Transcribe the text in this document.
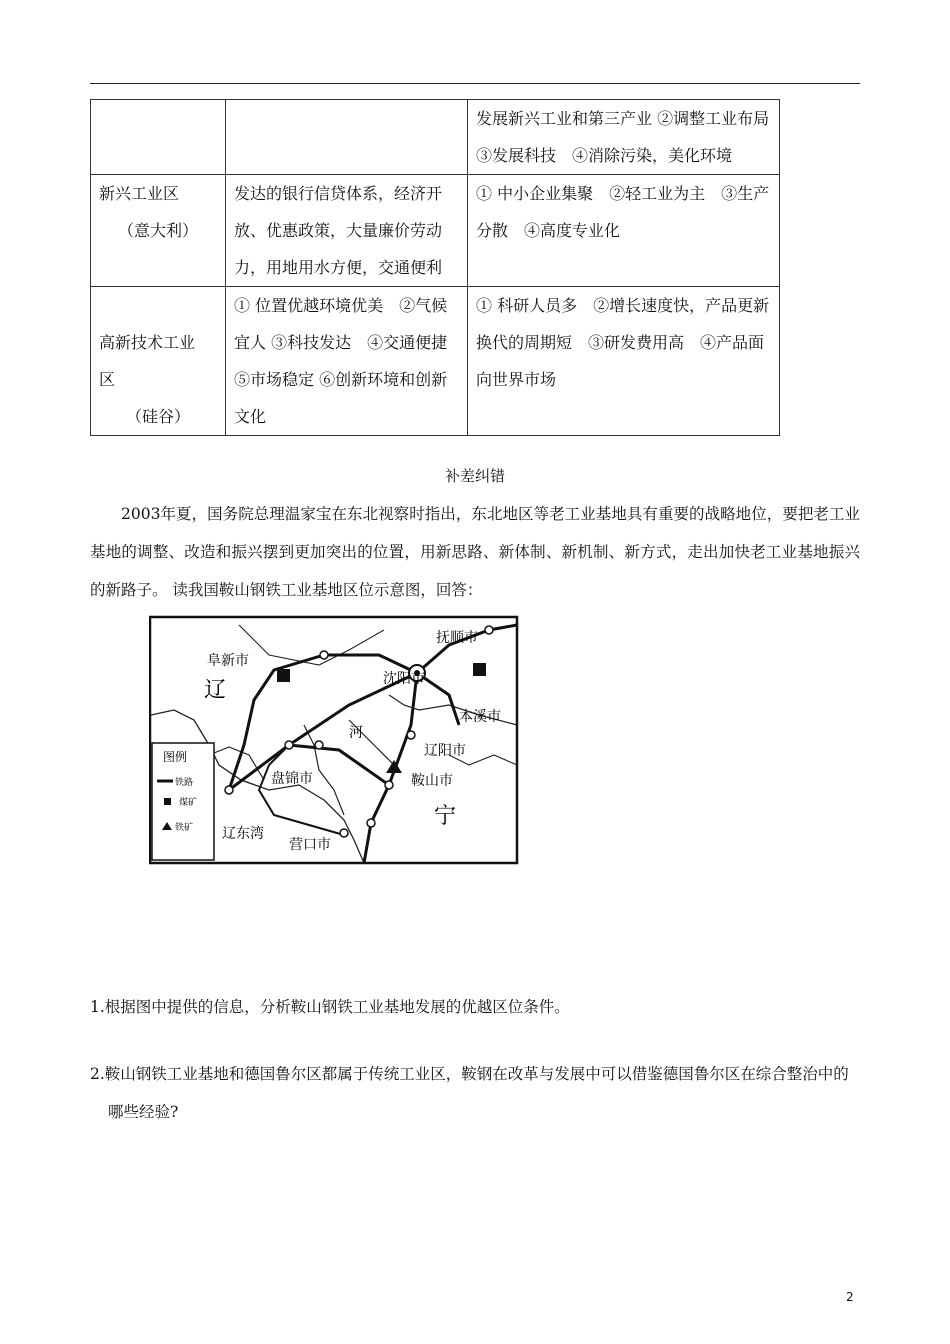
		发展新兴工业和第三产业 ②调整工业布局 ③发展科技　④消除污染，美化环境

新兴工业区
（意大利）	发达的银行信贷体系，经济开放、优惠政策，大量廉价劳动力，用地用水方便，交通便利	① 中小企业集聚　②轻工业为主　③生产分散　④高度专业化

高新技术工业
区
（硅谷）	① 位置优越环境优美　②气候宜人 ③科技发达　④交通便捷 ⑤市场稳定 ⑥创新环境和创新文化	① 科研人员多　②增长速度快，产品更新换代的周期短　③研发费用高　④产品面向世界市场
补差纠错
2003年夏，国务院总理温家宝在东北视察时指出，东北地区等老工业基地具有重要的战略地位，要把老工业基地的调整、改造和振兴摆到更加突出的位置，用新思路、新体制、新机制、新方式，走出加快老工业基地振兴的新路子。 读我国鞍山钢铁工业基地区位示意图，回答：
阜新市
抚顺市
沈阳市
本溪市
河
辽阳市
鞍山市
盘锦市
辽
宁
辽东湾
营口市
图例
铁路
煤矿
铁矿
1.根据图中提供的信息，分析鞍山钢铁工业基地发展的优越区位条件。
2.鞍山钢铁工业基地和德国鲁尔区都属于传统工业区，鞍钢在改革与发展中可以借鉴德国鲁尔区在综合整治中的哪些经验?
2
